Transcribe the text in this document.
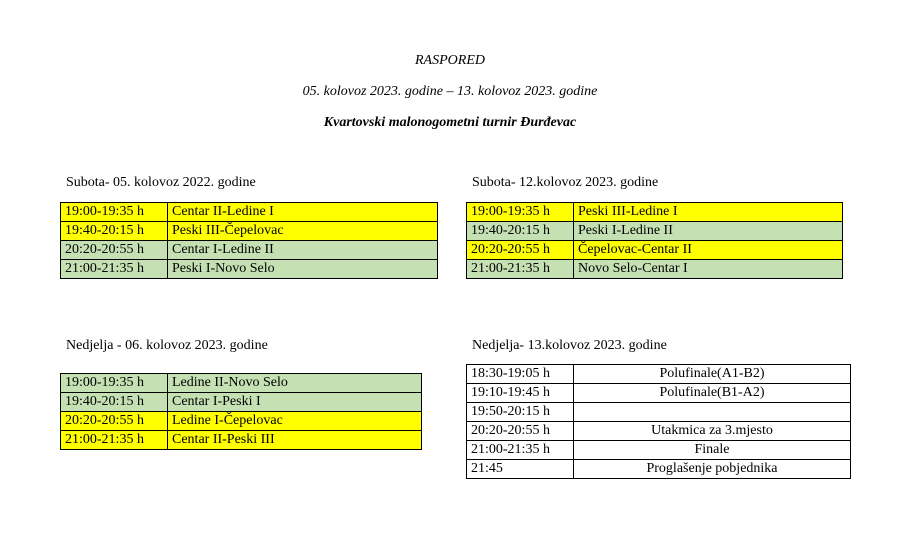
RASPORED
05. kolovoz 2023. godine – 13. kolovoz 2023. godine
Kvartovski malonogometni turnir Đurđevac
Subota- 05. kolovoz 2022. godine
19:00-19:35 h	Centar II-Ledine I
19:40-20:15 h	Peski III-Čepelovac
20:20-20:55 h	Centar I-Ledine II
21:00-21:35 h	Peski I-Novo Selo
Subota- 12.kolovoz 2023. godine
19:00-19:35 h	Peski III-Ledine I
19:40-20:15 h	Peski I-Ledine II
20:20-20:55 h	Čepelovac-Centar II
21:00-21:35 h	Novo Selo-Centar I
Nedjelja - 06. kolovoz 2023. godine
19:00-19:35 h	Ledine II-Novo Selo
19:40-20:15 h	Centar I-Peski I
20:20-20:55 h	Ledine I-Čepelovac
21:00-21:35 h	Centar II-Peski III
Nedjelja- 13.kolovoz 2023. godine
18:30-19:05 h	Polufinale(A1-B2)
19:10-19:45 h	Polufinale(B1-A2)
19:50-20:15 h	
20:20-20:55 h	Utakmica za 3.mjesto
21:00-21:35 h	Finale
21:45	Proglašenje pobjednika
